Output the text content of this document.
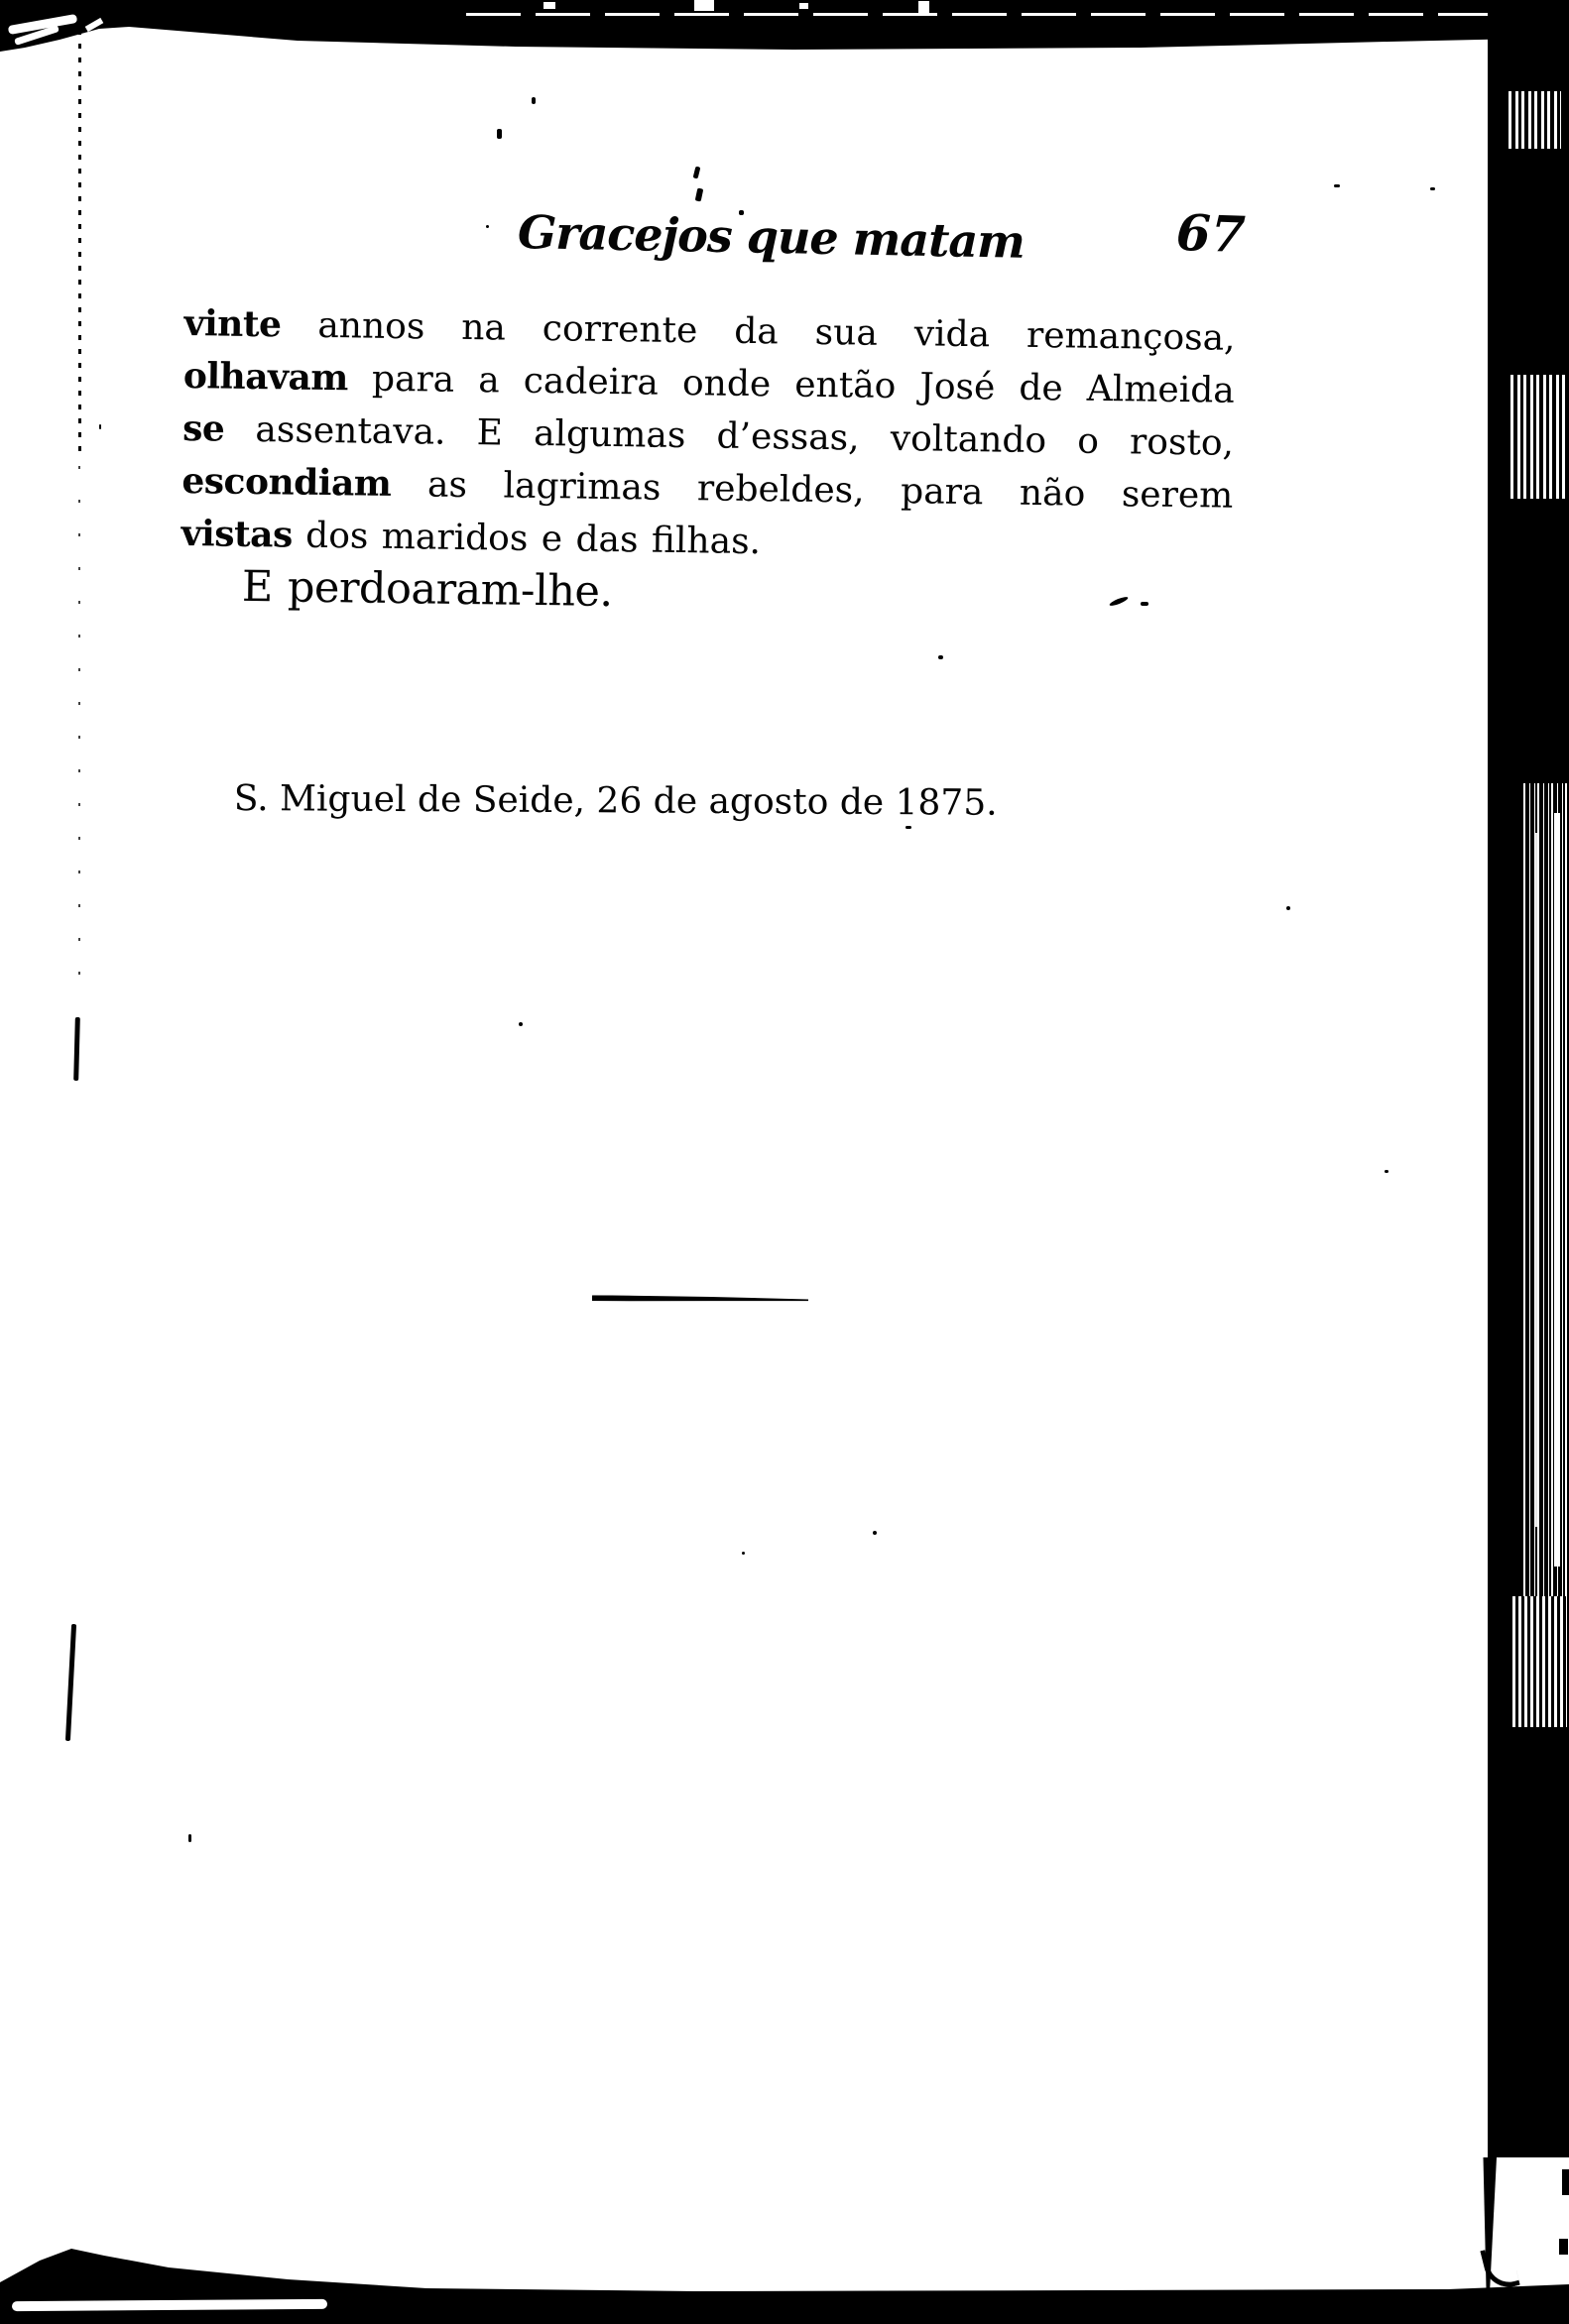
Gracejos que matam	67
vinte annos na corrente da sua vida remançosa,
olhavam para a cadeira onde então José de Almeida
se assentava. E algumas d’essas, voltando o rosto,
escondiam as lagrimas rebeldes, para não serem
vistas dos maridos e das filhas.
E perdoaram-lhe.
S. Miguel de Seide, 26 de agosto de 1875.
